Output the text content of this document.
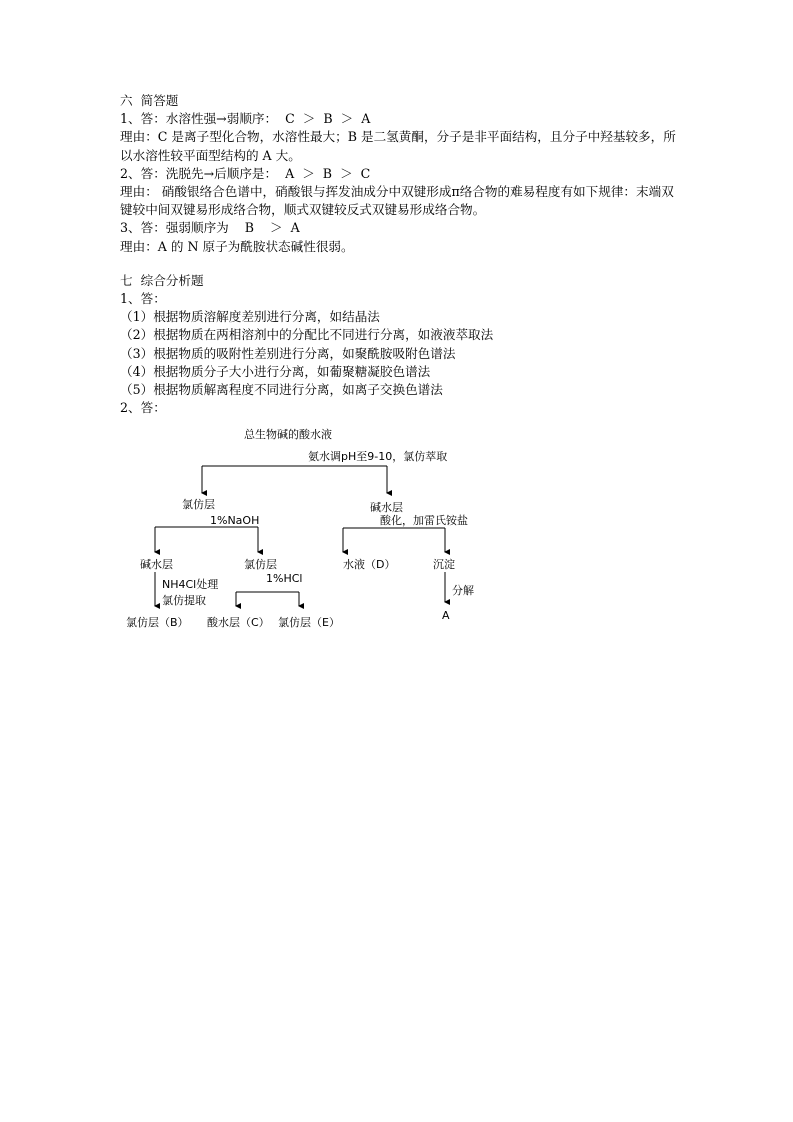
六  简答题
1、答：水溶性强→弱顺序：  C  ＞  B  ＞  A
理由：C 是离子型化合物，水溶性最大；B 是二氢黄酮，分子是非平面结构，且分子中羟基较多，所以水溶性较平面型结构的 A 大。
2、答：洗脱先→后顺序是：  A  ＞  B  ＞  C
理由： 硝酸银络合色谱中，硝酸银与挥发油成分中双键形成π络合物的难易程度有如下规律：末端双键较中间双键易形成络合物，顺式双键较反式双键易形成络合物。
3、答：强弱顺序为    B    ＞  A
理由：A 的 N 原子为酰胺状态碱性很弱。
七  综合分析题
1、答：
（1）根据物质溶解度差别进行分离，如结晶法
（2）根据物质在两相溶剂中的分配比不同进行分离，如液液萃取法
（3）根据物质的吸附性差别进行分离，如聚酰胺吸附色谱法
（4）根据物质分子大小进行分离，如葡聚糖凝胶色谱法
（5）根据物质解离程度不同进行分离，如离子交换色谱法
2、答：
总生物碱的酸水液
氨水调pH至9-10，氯仿萃取
氯仿层
1%NaOH
碱水层
酸化，加雷氏铵盐
碱水层	氯仿层
1%HCl
水液（D）	沉淀
NH4Cl处理
氯仿提取
分解
A
氯仿层（B） 酸水层（C） 氯仿层（E）
